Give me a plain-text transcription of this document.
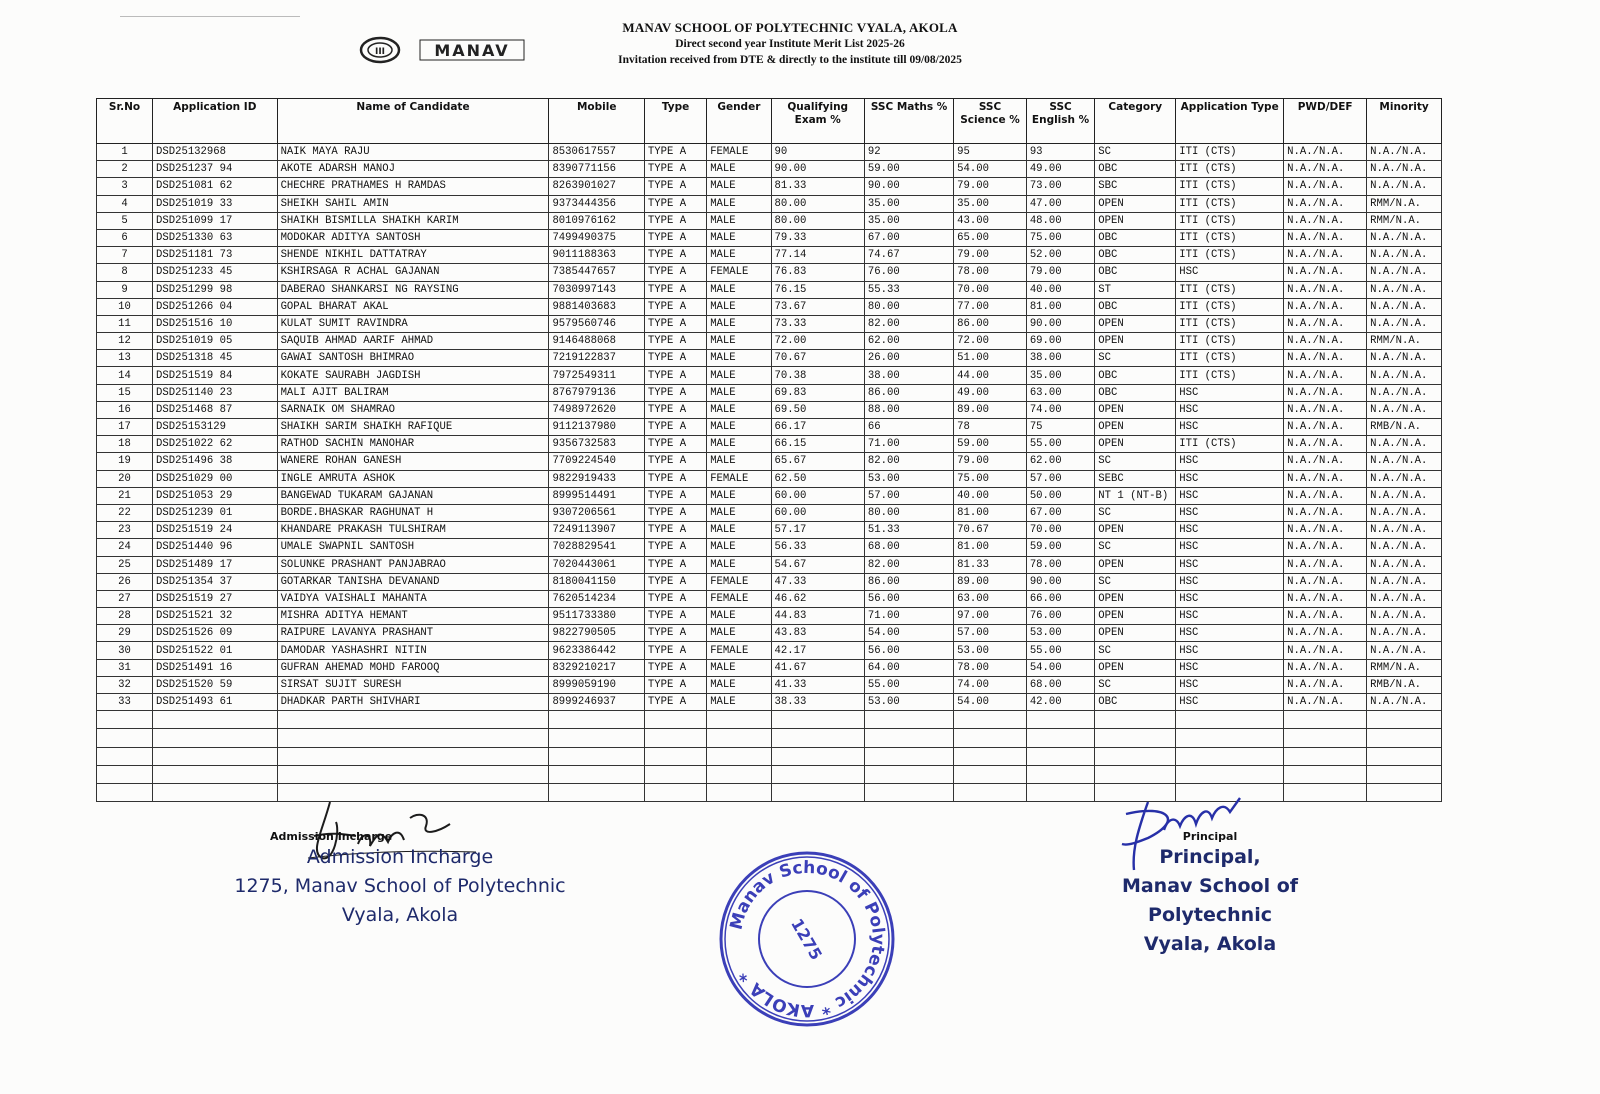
III	MANAV
MANAV SCHOOL OF POLYTECHNIC VYALA, AKOLA
Direct second year Institute Merit List 2025-26
Invitation received from DTE & directly to the institute till 09/08/2025
Sr.No	Application ID	Name of Candidate	Mobile	Type	Gender	Qualifying Exam %	SSC Maths %	SSC Science %	SSC English %	Category	Application Type	PWD/DEF	Minority
1	DSD25132968	NAIK MAYA RAJU	8530617557	TYPE A	FEMALE	90	92	95	93	SC	ITI (CTS)	N.A./N.A.	N.A./N.A.
2	DSD251237 94	AKOTE ADARSH MANOJ	8390771156	TYPE A	MALE	90.00	59.00	54.00	49.00	OBC	ITI (CTS)	N.A./N.A.	N.A./N.A.
3	DSD251081 62	CHECHRE PRATHAMES H RAMDAS	8263901027	TYPE A	MALE	81.33	90.00	79.00	73.00	SBC	ITI (CTS)	N.A./N.A.	N.A./N.A.
4	DSD251019 33	SHEIKH SAHIL AMIN	9373444356	TYPE A	MALE	80.00	35.00	35.00	47.00	OPEN	ITI (CTS)	N.A./N.A.	RMM/N.A.
5	DSD251099 17	SHAIKH BISMILLA SHAIKH KARIM	8010976162	TYPE A	MALE	80.00	35.00	43.00	48.00	OPEN	ITI (CTS)	N.A./N.A.	RMM/N.A.
6	DSD251330 63	MODOKAR ADITYA SANTOSH	7499490375	TYPE A	MALE	79.33	67.00	65.00	75.00	OBC	ITI (CTS)	N.A./N.A.	N.A./N.A.
7	DSD251181 73	SHENDE NIKHIL DATTATRAY	9011188363	TYPE A	MALE	77.14	74.67	79.00	52.00	OBC	ITI (CTS)	N.A./N.A.	N.A./N.A.
8	DSD251233 45	KSHIRSAGA R ACHAL GAJANAN	7385447657	TYPE A	FEMALE	76.83	76.00	78.00	79.00	OBC	HSC	N.A./N.A.	N.A./N.A.
9	DSD251299 98	DABERAO SHANKARSI NG RAYSING	7030997143	TYPE A	MALE	76.15	55.33	70.00	40.00	ST	ITI (CTS)	N.A./N.A.	N.A./N.A.
10	DSD251266 04	GOPAL BHARAT AKAL	9881403683	TYPE A	MALE	73.67	80.00	77.00	81.00	OBC	ITI (CTS)	N.A./N.A.	N.A./N.A.
11	DSD251516 10	KULAT SUMIT RAVINDRA	9579560746	TYPE A	MALE	73.33	82.00	86.00	90.00	OPEN	ITI (CTS)	N.A./N.A.	N.A./N.A.
12	DSD251019 05	SAQUIB AHMAD AARIF AHMAD	9146488068	TYPE A	MALE	72.00	62.00	72.00	69.00	OPEN	ITI (CTS)	N.A./N.A.	RMM/N.A.
13	DSD251318 45	GAWAI SANTOSH BHIMRAO	7219122837	TYPE A	MALE	70.67	26.00	51.00	38.00	SC	ITI (CTS)	N.A./N.A.	N.A./N.A.
14	DSD251519 84	KOKATE SAURABH JAGDISH	7972549311	TYPE A	MALE	70.38	38.00	44.00	35.00	OBC	ITI (CTS)	N.A./N.A.	N.A./N.A.
15	DSD251140 23	MALI AJIT BALIRAM	8767979136	TYPE A	MALE	69.83	86.00	49.00	63.00	OBC	HSC	N.A./N.A.	N.A./N.A.
16	DSD251468 87	SARNAIK OM SHAMRAO	7498972620	TYPE A	MALE	69.50	88.00	89.00	74.00	OPEN	HSC	N.A./N.A.	N.A./N.A.
17	DSD25153129	SHAIKH SARIM SHAIKH RAFIQUE	9112137980	TYPE A	MALE	66.17	66	78	75	OPEN	HSC	N.A./N.A.	RMB/N.A.
18	DSD251022 62	RATHOD SACHIN MANOHAR	9356732583	TYPE A	MALE	66.15	71.00	59.00	55.00	OPEN	ITI (CTS)	N.A./N.A.	N.A./N.A.
19	DSD251496 38	WANERE ROHAN GANESH	7709224540	TYPE A	MALE	65.67	82.00	79.00	62.00	SC	HSC	N.A./N.A.	N.A./N.A.
20	DSD251029 00	INGLE AMRUTA ASHOK	9822919433	TYPE A	FEMALE	62.50	53.00	75.00	57.00	SEBC	HSC	N.A./N.A.	N.A./N.A.
21	DSD251053 29	BANGEWAD TUKARAM GAJANAN	8999514491	TYPE A	MALE	60.00	57.00	40.00	50.00	NT 1 (NT-B)	HSC	N.A./N.A.	N.A./N.A.
22	DSD251239 01	BORDE.BHASKAR RAGHUNAT H	9307206561	TYPE A	MALE	60.00	80.00	81.00	67.00	SC	HSC	N.A./N.A.	N.A./N.A.
23	DSD251519 24	KHANDARE PRAKASH TULSHIRAM	7249113907	TYPE A	MALE	57.17	51.33	70.67	70.00	OPEN	HSC	N.A./N.A.	N.A./N.A.
24	DSD251440 96	UMALE SWAPNIL SANTOSH	7028829541	TYPE A	MALE	56.33	68.00	81.00	59.00	SC	HSC	N.A./N.A.	N.A./N.A.
25	DSD251489 17	SOLUNKE PRASHANT PANJABRAO	7020443061	TYPE A	MALE	54.67	82.00	81.33	78.00	OPEN	HSC	N.A./N.A.	N.A./N.A.
26	DSD251354 37	GOTARKAR TANISHA DEVANAND	8180041150	TYPE A	FEMALE	47.33	86.00	89.00	90.00	SC	HSC	N.A./N.A.	N.A./N.A.
27	DSD251519 27	VAIDYA VAISHALI MAHANTA	7620514234	TYPE A	FEMALE	46.62	56.00	63.00	66.00	OPEN	HSC	N.A./N.A.	N.A./N.A.
28	DSD251521 32	MISHRA ADITYA HEMANT	9511733380	TYPE A	MALE	44.83	71.00	97.00	76.00	OPEN	HSC	N.A./N.A.	N.A./N.A.
29	DSD251526 09	RAIPURE LAVANYA PRASHANT	9822790505	TYPE A	MALE	43.83	54.00	57.00	53.00	OPEN	HSC	N.A./N.A.	N.A./N.A.
30	DSD251522 01	DAMODAR YASHASHRI NITIN	9623386442	TYPE A	FEMALE	42.17	56.00	53.00	55.00	SC	HSC	N.A./N.A.	N.A./N.A.
31	DSD251491 16	GUFRAN AHEMAD MOHD FAROOQ	8329210217	TYPE A	MALE	41.67	64.00	78.00	54.00	OPEN	HSC	N.A./N.A.	RMM/N.A.
32	DSD251520 59	SIRSAT SUJIT SURESH	8999059190	TYPE A	MALE	41.33	55.00	74.00	68.00	SC	HSC	N.A./N.A.	RMB/N.A.
33	DSD251493 61	DHADKAR PARTH SHIVHARI	8999246937	TYPE A	MALE	38.33	53.00	54.00	42.00	OBC	HSC	N.A./N.A.	N.A./N.A.

Admission Incharge
Admission Incharge
1275, Manav School of Polytechnic
Vyala, Akola	Manav School of Polytechnic * AKOLA *
1275
Principal
Principal,
Manav School of Polytechnic
Vyala, Akola
